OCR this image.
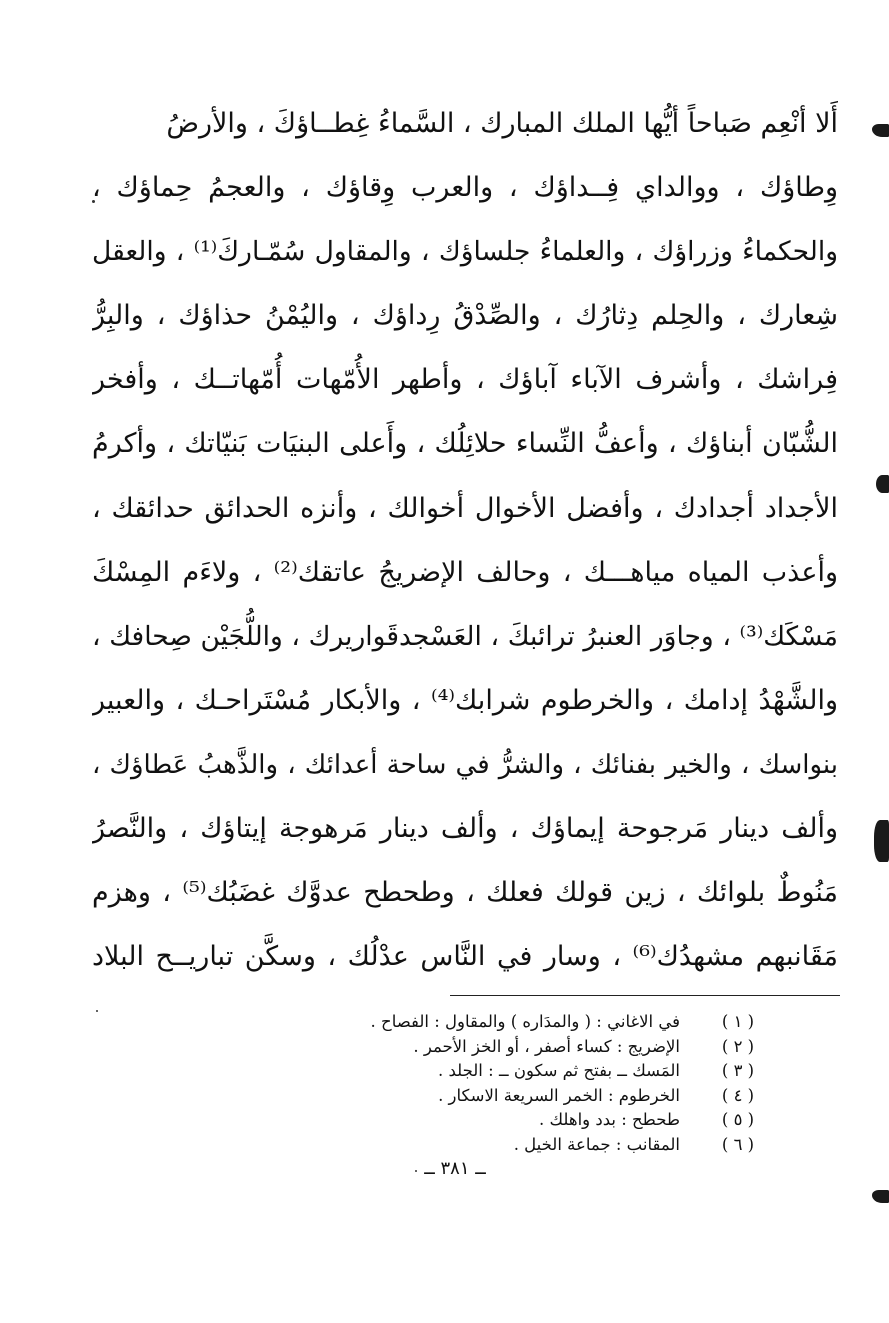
أَلا أنْعِم صَباحاً أيُّها الملك المبارك ، السَّماءُ غِطــاؤكَ ، والأرضُ
وِطاؤك ، ووالداي فِــداؤك ، والعرب وِقاؤك ، والعجمُ حِماؤك ،
والحكماءُ وزراؤك ، والعلماءُ جلساؤك ، والمقاول سُمّـاركَ⁽¹⁾ ، والعقل
شِعارك ، والحِلم دِثارُك ، والصِّدْقُ رِداؤك ، واليُمْنُ حذاؤك ، والبِرُّ
فِراشك ، وأشرف الآباء آباؤك ، وأطهر الأُمّهات أُمّهاتــك ، وأفخر
الشُّبّان أبناؤك ، وأعفُّ النِّساء حلائِلُك ، وأَعلى البنيَات بَنيّاتك ، وأكرمُ
الأجداد أجدادك ، وأفضل الأخوال أخوالك ، وأنزه الحدائق حدائقك ،
وأعذب المياه مياهـــك ، وحالف الإضريجُ عاتقك⁽²⁾ ، ولاءَم المِسْكَ
مَسْكَك⁽³⁾ ، وجاوَر العنبرُ ترائبكَ ، العَسْجدقَواريرك ، واللُّجَيْن صِحافك ،
والشَّهْدُ إدامك ، والخرطوم شرابك⁽⁴⁾ ، والأبكار مُسْتَراحـك ، والعبير
بنواسك ، والخير بفنائك ، والشرُّ في ساحة أعدائك ، والذَّهبُ عَطاؤك ،
وألف دينار مَرجوحة إيماؤك ، وألف دينار مَرهوجة إيتاؤك ، والنَّصرُ
مَنُوطٌ بلوائك ، زين قولك فعلك ، وطحطح عدوَّك غضَبُك⁽⁵⁾ ، وهزم
مَقَانبهم مشهدُك⁽⁶⁾ ، وسار في النَّاس عدْلُك ، وسكَّن تباريــح البلاد
( ١ )
في الاغاني : ( والمدَاره ) والمقاول : الفصاح .
( ٢ )
الإضريج : كساء أصفر ، أو الخز الأحمر .
( ٣ )
المَسك ــ بفتح ثم سكون ــ : الجلد .
( ٤ )
الخرطوم : الخمر السريعة الاسكار .
( ٥ )
طحطح : بدد واهلك .
( ٦ )
المقانب : جماعة الخيل .
ــ ٣٨١ ــ
